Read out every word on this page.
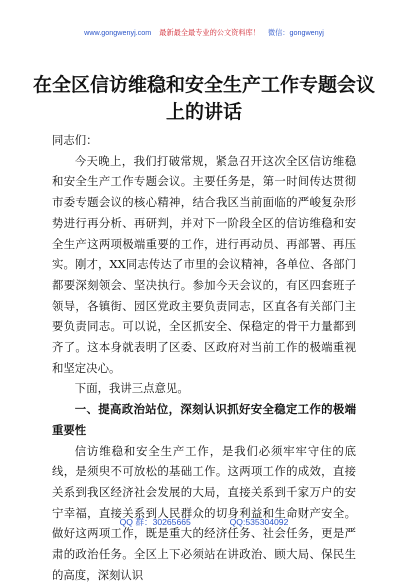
www.gongwenyj.com 最新最全最专业的公文资料库！ 微信：gongwenyj
在全区信访维稳和安全生产工作专题会议上的讲话

同志们：

今天晚上，我们打破常规，紧急召开这次全区信访维稳和安全生产工作专题会议。主要任务是，第一时间传达贯彻市委专题会议的核心精神，结合我区当前面临的严峻复杂形势进行再分析、再研判，并对下一阶段全区的信访维稳和安全生产这两项极端重要的工作，进行再动员、再部署、再压实。刚才，XX同志传达了市里的会议精神，各单位、各部门都要深刻领会、坚决执行。参加今天会议的，有区四套班子领导，各镇街、园区党政主要负责同志，区直各有关部门主要负责同志。可以说，全区抓安全、保稳定的骨干力量都到齐了。这本身就表明了区委、区政府对当前工作的极端重视和坚定决心。

下面，我讲三点意见。

一、提高政治站位，深刻认识抓好安全稳定工作的极端重要性

信访维稳和安全生产工作，是我们必须牢牢守住的底线，是须臾不可放松的基础工作。这两项工作的成效，直接关系到我区经济社会发展的大局，直接关系到千家万户的安宁幸福，直接关系到人民群众的切身利益和生命财产安全。做好这两项工作，既是重大的经济任务、社会任务，更是严肃的政治任务。全区上下必须站在讲政治、顾大局、保民生的高度，深刻认识

QQ 群：30265665	QQ:535304092
